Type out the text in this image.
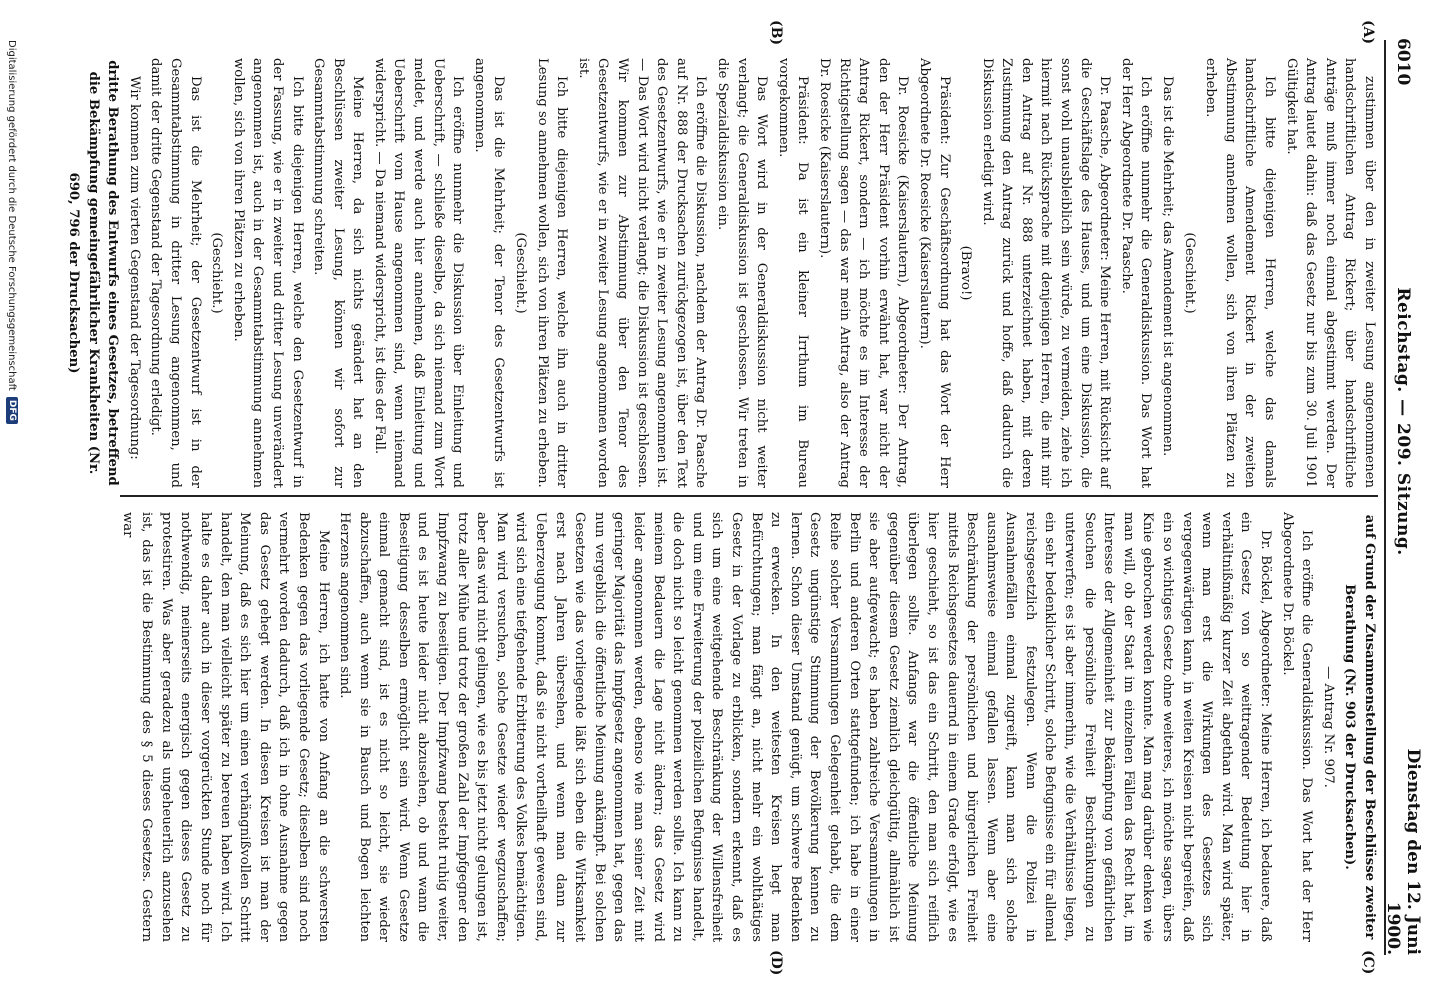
6010
Reichstag. — 209. Sitzung.
Dienstag den 12. Juni 1900.
(A)
(B)
(C)
(D)

zustimmen über den in zweiter Lesung angenommenen handschriftlichen Antrag Rickert; über handschriftliche Anträge muß immer noch einmal abgestimmt werden. Der Antrag lautet dahin: daß das Gesetz nur bis zum 30. Juli 1901 Gültigkeit hat.

Ich bitte diejenigen Herren, welche das damals handschriftliche Amendement Rickert in der zweiten Abstimmung annehmen wollen, sich von ihren Plätzen zu erheben.

(Geschieht.)

Das ist die Mehrheit; das Amendement ist angenommen.

Ich eröffne nunmehr die Generaldiskussion. Das Wort hat der Herr Abgeordnete Dr. Paasche.

Dr. Paasche, Abgeordneter: Meine Herren, mit Rücksicht auf die Geschäftslage des Hauses, und um eine Diskussion, die sonst wohl unausbleiblich sein würde, zu vermeiden, ziehe ich hiermit nach Rücksprache mit denjenigen Herren, die mit mir den Antrag auf Nr. 888 unterzeichnet haben, mit deren Zustimmung den Antrag zurück und hoffe, daß dadurch die Diskussion erledigt wird.

(Bravo!)

Präsident: Zur Geschäftsordnung hat das Wort der Herr Abgeordnete Dr. Roesicke (Kaiserslautern).

Dr. Roesicke (Kaiserslautern), Abgeordneter: Der Antrag, den der Herr Präsident vorhin erwähnt hat, war nicht der Antrag Rickert, sondern — ich möchte es im Interesse der Richtigstellung sagen — das war mein Antrag, also der Antrag Dr. Roesicke (Kaiserslautern).

Präsident: Da ist ein kleiner Irrthum im Bureau vorgekommen.

Das Wort wird in der Generaldiskussion nicht weiter verlangt; die Generaldiskussion ist geschlossen. Wir treten in die Spezialdiskussion ein.

Ich eröffne die Diskussion, nachdem der Antrag Dr. Paasche auf Nr. 888 der Drucksachen zurückgezogen ist, über den Text des Gesetzentwurfs, wie er in zweiter Lesung angenommen ist. — Das Wort wird nicht verlangt; die Diskussion ist geschlossen. Wir kommen zur Abstimmung über den Tenor des Gesetzentwurfs, wie er in zweiter Lesung angenommen worden ist.

Ich bitte diejenigen Herren, welche ihn auch in dritter Lesung so annehmen wollen, sich von ihren Plätzen zu erheben.

(Geschieht.)

Das ist die Mehrheit; der Tenor des Gesetzentwurfs ist angenommen.

Ich eröffne nunmehr die Diskussion über Einleitung und Ueberschrift, — schließe dieselbe, da sich niemand zum Wort meldet, und werde auch hier annehmen, daß Einleitung und Ueberschrift vom Hause angenommen sind, wenn niemand widerspricht. — Da niemand widerspricht, ist dies der Fall.

Meine Herren, da sich nichts geändert hat an den Beschlüssen zweiter Lesung, können wir sofort zur Gesammtabstimmung schreiten.

Ich bitte diejenigen Herren, welche den Gesetzentwurf in der Fassung, wie er in zweiter und dritter Lesung unverändert angenommen ist, auch in der Gesammtabstimmung annehmen wollen, sich von ihren Plätzen zu erheben.

(Geschieht.)

Das ist die Mehrheit; der Gesetzentwurf ist in der Gesammtabstimmung in dritter Lesung angenommen, und damit der dritte Gegenstand der Tagesordnung erledigt.

Wir kommen zum vierten Gegenstand der Tagesordnung:

dritte Berathung des Entwurfs eines Gesetzes, betreffend die Bekämpfung gemeingefährlicher Krankheiten (Nr. 690, 796 der Drucksachen)

auf Grund der Zusammenstellung der Beschlüsse zweiter Berathung (Nr. 903 der Drucksachen).

— Antrag Nr. 907.

Ich eröffne die Generaldiskussion. Das Wort hat der Herr Abgeordnete Dr. Böckel.

Dr. Böckel, Abgeordneter: Meine Herren, ich bedauere, daß ein Gesetz von so weittragender Bedeutung hier in verhältnißmäßig kurzer Zeit abgethan wird. Man wird später, wenn man erst die Wirkungen des Gesetzes sich vergegenwärtigen kann, in weiten Kreisen nicht begreifen, daß ein so wichtiges Gesetz ohne weiteres, ich möchte sagen, übers Knie gebrochen werden konnte. Man mag darüber denken wie man will, ob der Staat im einzelnen Fällen das Recht hat, im Interesse der Allgemeinheit zur Bekämpfung von gefährlichen Seuchen die persönliche Freiheit Beschränkungen zu unterwerfen; es ist aber immerhin, wie die Verhältnisse liegen, ein sehr bedenklicher Schritt, solche Befugnisse ein für allemal reichsgesetzlich festzulegen. Wenn die Polizei in Ausnahmefällen einmal zugreift, kann man sich solche ausnahmsweise einmal gefallen lassen. Wenn aber eine Beschränkung der persönlichen und bürgerlichen Freiheit mittels Reichsgesetzes dauernd in einem Grade erfolgt, wie es hier geschieht, so ist das ein Schritt, den man sich reiflich überlegen sollte. Anfangs war die öffentliche Meinung gegenüber diesem Gesetz ziemlich gleichgültig, allmählich ist sie aber aufgewacht; es haben zahlreiche Versammlungen in Berlin und anderen Orten stattgefunden; ich habe in einer Reihe solcher Versammlungen Gelegenheit gehabt, die dem Gesetz ungünstige Stimmung der Bevölkerung kennen zu lernen. Schon dieser Umstand genügt, um schwere Bedenken zu erwecken. In den weitesten Kreisen hegt man Befürchtungen; man fängt an, nicht mehr ein wohlthätiges Gesetz in der Vorlage zu erblicken, sondern erkennt, daß es sich um eine weitgehende Beschränkung der Willensfreiheit und um eine Erweiterung der polizeilichen Befugnisse handelt, die doch nicht so leicht genommen werden sollte. Ich kann zu meinem Bedauern die Lage nicht ändern; das Gesetz wird leider angenommen werden, ebenso wie man seiner Zeit mit geringer Majorität das Impfgesetz angenommen hat, gegen das nun vergeblich die öffentliche Meinung ankämpft. Bei solchen Gesetzen wie das vorliegende läßt sich eben die Wirksamkeit erst nach Jahren übersehen, und wenn man dann zur Ueberzeugung kommt, daß sie nicht vortheilhaft gewesen sind, wird sich eine tiefgehende Erbitterung des Volkes bemächtigen. Man wird versuchen, solche Gesetze wieder wegzuschaffen; aber das wird nicht gelingen, wie es bis jetzt nicht gelungen ist, trotz aller Mühe und trotz der großen Zahl der Impfgegner den Impfzwang zu beseitigen. Der Impfzwang besteht ruhig weiter, und es ist heute leider nicht abzusehen, ob und wann die Beseitigung desselben ermöglicht sein wird. Wenn Gesetze einmal gemacht sind, ist es nicht so leicht, sie wieder abzuschaffen, auch wenn sie in Bausch und Bogen leichten Herzens angenommen sind.

Meine Herren, ich hatte von Anfang an die schwersten Bedenken gegen das vorliegende Gesetz; dieselben sind noch vermehrt worden dadurch, daß ich in ohne Ausnahme gegen das Gesetz gehegt werden. In diesen Kreisen ist man der Meinung, daß es sich hier um einen verhängnißvollen Schritt handelt, den man vielleicht später zu bereuen haben wird. Ich halte es daher auch in dieser vorgerückten Stunde noch für nothwendig, meinerseits energisch gegen dieses Gesetz zu protestiren. Was aber geradezu als ungeheuerlich anzusehen ist, das ist die Bestimmung des § 5 dieses Gesetzes. Gestern war

Digitalisierung gefördert durch die Deutsche Forschungsgemeinschaft
DFG
